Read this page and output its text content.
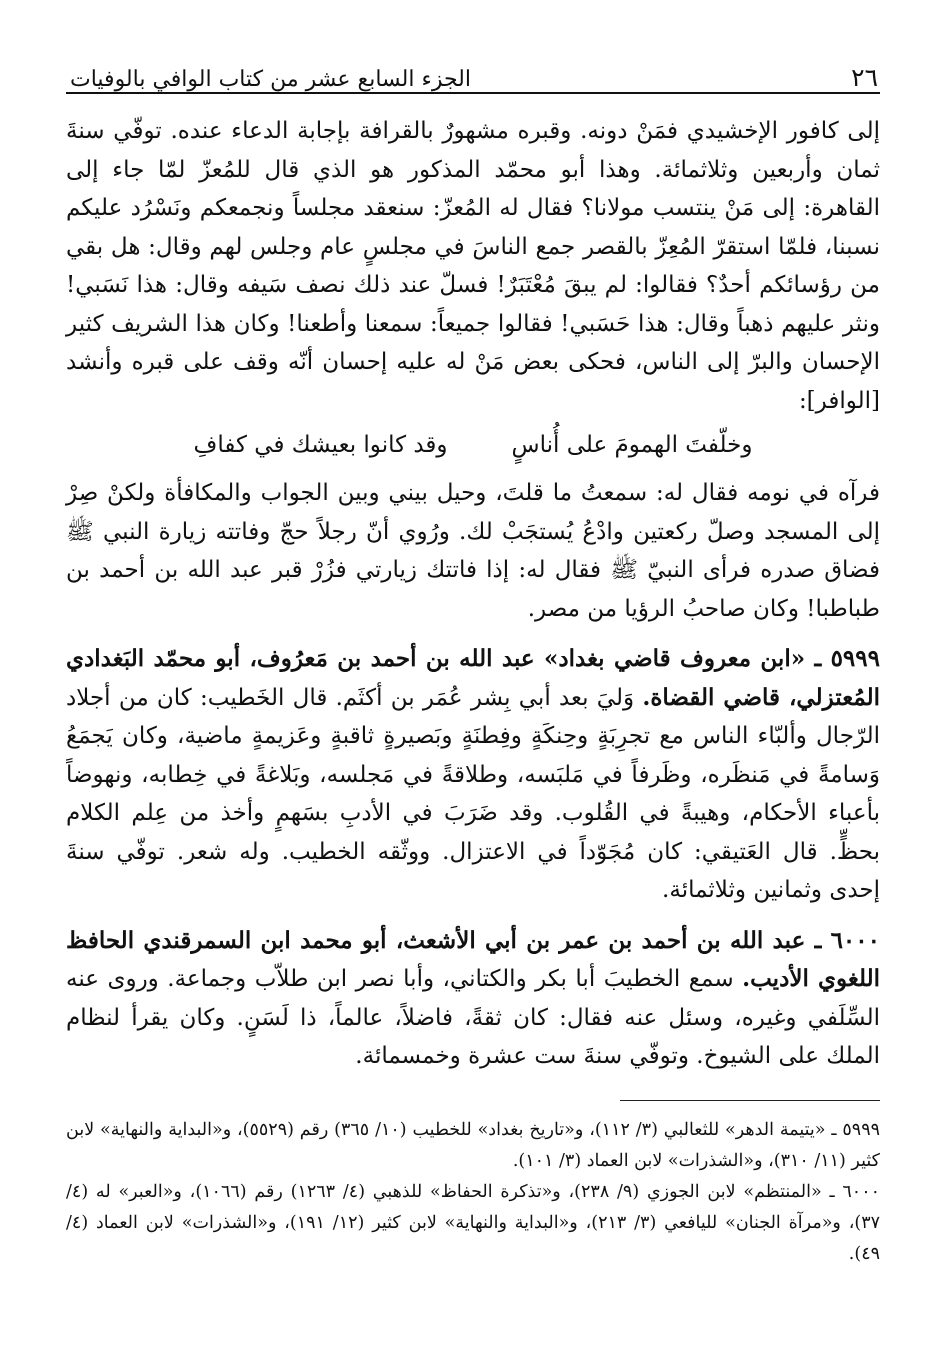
٢٦
الجزء السابع عشر من كتاب الوافي بالوفيات

إلى كافور الإخشيدي فمَنْ دونه. وقبره مشهورٌ بالقرافة بإجابة الدعاء عنده. توفّي سنةَ ثمان وأربعين وثلاثمائة. وهذا أبو محمّد المذكور هو الذي قال للمُعزّ لمّا جاء إلى القاهرة: إلى مَنْ ينتسب مولانا؟ فقال له المُعزّ: سنعقد مجلساً ونجمعكم ونَسْرُد عليكم نسبنا، فلمّا استقرّ المُعِزّ بالقصر جمع الناسَ في مجلسٍ عام وجلس لهم وقال: هل بقي من رؤسائكم أحدٌ؟ فقالوا: لم يبقَ مُعْتَبَرٌ! فسلّ عند ذلك نصف سَيفه وقال: هذا نَسَبي! ونثر عليهم ذهباً وقال: هذا حَسَبي! فقالوا جميعاً: سمعنا وأطعنا! وكان هذا الشريف كثير الإحسان والبرّ إلى الناس، فحكى بعض مَنْ له عليه إحسان أنّه وقف على قبره وأنشد [الوافر]:

وخلّفتَ الهمومَ على أُناسٍ
وقد كانوا بعيشك في كفافِ

فرآه في نومه فقال له: سمعتُ ما قلتَ، وحيل بيني وبين الجواب والمكافأة ولكنْ صِرْ إلى المسجد وصلّ ركعتين وادْعُ يُستجَبْ لك. ورُوي أنّ رجلاً حجّ وفاتته زيارة النبي ﷺ فضاق صدره فرأى النبيّ ﷺ فقال له: إذا فاتتك زيارتي فزُرْ قبر عبد الله بن أحمد بن طباطبا! وكان صاحبُ الرؤيا من مصر.

٥٩٩٩ ـ «ابن معروف قاضي بغداد» عبد الله بن أحمد بن مَعرُوف، أبو محمّد البَغدادي المُعتزلي، قاضي القضاة. وَليَ بعد أبي بِشر عُمَر بن أكثَم. قال الخَطيب: كان من أجلاد الرّجال وألبّاء الناس مع تجرِبَةٍ وحِنكَةٍ وفِطنَةٍ وبَصيرةٍ ثاقبةٍ وعَزيمةٍ ماضية، وكان يَجمَعُ وَسامةً في مَنظَره، وظَرفاً في مَلبَسه، وطلاقةً في مَجلسه، وبَلاغةً في خِطابه، ونهوضاً بأعباء الأحكام، وهيبةً في القُلوب. وقد ضَرَبَ في الأدبِ بسَهمٍ وأخذ من عِلم الكلام بحظٍّ. قال العَتيقي: كان مُجَوّداً في الاعتزال. ووثّقه الخطيب. وله شعر. توفّي سنةَ إحدى وثمانين وثلاثمائة.

٦٠٠٠ ـ عبد الله بن أحمد بن عمر بن أبي الأشعث، أبو محمد ابن السمرقندي الحافظ اللغوي الأديب. سمع الخطيبَ أبا بكر والكتاني، وأبا نصر ابن طلاّب وجماعة. وروى عنه السِّلَفي وغيره، وسئل عنه فقال: كان ثقةً، فاضلاً، عالماً، ذا لَسَنٍ. وكان يقرأ لنظام الملك على الشيوخ. وتوفّي سنةَ ست عشرة وخمسمائة.

٥٩٩٩ ـ «يتيمة الدهر» للثعالبي (٣/ ١١٢)، و«تاريخ بغداد» للخطيب (١٠/ ٣٦٥) رقم (٥٥٢٩)، و«البداية والنهاية» لابن كثير (١١/ ٣١٠)، و«الشذرات» لابن العماد (٣/ ١٠١).

٦٠٠٠ ـ «المنتظم» لابن الجوزي (٩/ ٢٣٨)، و«تذكرة الحفاظ» للذهبي (٤/ ١٢٦٣) رقم (١٠٦٦)، و«العبر» له (٤/ ٣٧)، و«مرآة الجنان» لليافعي (٣/ ٢١٣)، و«البداية والنهاية» لابن كثير (١٢/ ١٩١)، و«الشذرات» لابن العماد (٤/ ٤٩).
